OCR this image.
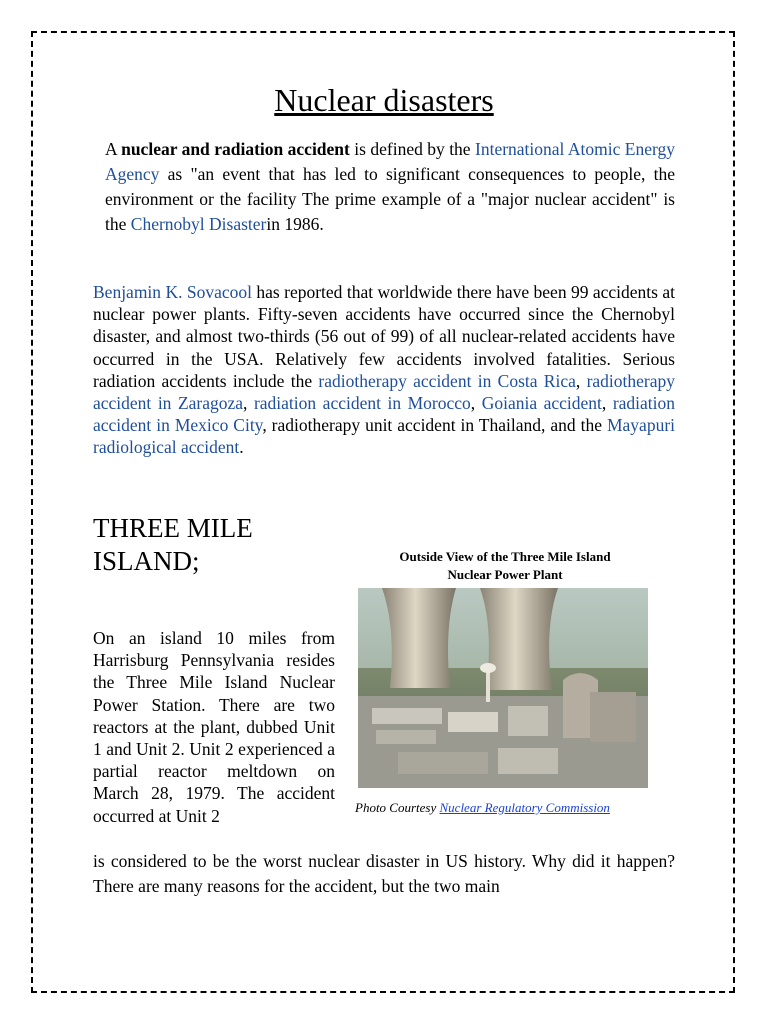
Nuclear disasters

A nuclear and radiation accident is defined by the International Atomic Energy Agency as "an event that has led to significant consequences to people, the environment or the facility The prime example of a "major nuclear accident" is the Chernobyl Disasterin 1986.

Benjamin K. Sovacool has reported that worldwide there have been 99 accidents at nuclear power plants. Fifty-seven accidents have occurred since the Chernobyl disaster, and almost two-thirds (56 out of 99) of all nuclear-related accidents have occurred in the USA. Relatively few accidents involved fatalities. Serious radiation accidents include the radiotherapy accident in Costa Rica, radiotherapy accident in Zaragoza, radiation accident in Morocco, Goiania accident, radiation accident in Mexico City, radiotherapy unit accident in Thailand, and the Mayapuri radiological accident.

THREE MILE ISLAND;	Outside View of the Three Mile Island
Nuclear Power Plant

Photo Courtesy Nuclear Regulatory Commission

On an island 10 miles from Harrisburg Pennsylvania resides the Three Mile Island Nuclear Power Station. There are two reactors at the plant, dubbed Unit 1 and Unit 2. Unit 2 experienced a partial reactor meltdown on March 28, 1979. The accident occurred at Unit 2

is considered to be the worst nuclear disaster in US history. Why did it happen? There are many reasons for the accident, but the two main
